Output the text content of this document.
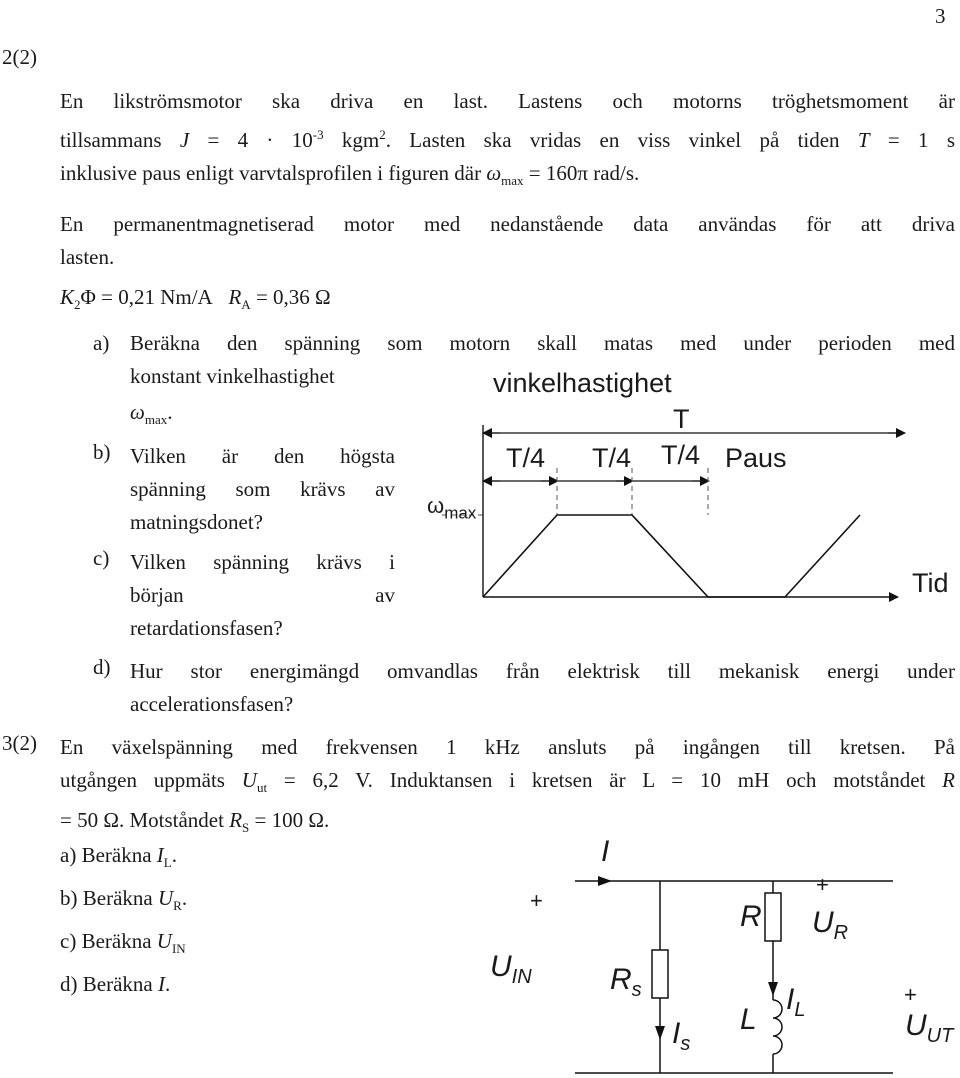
3
2(2)
En likströmsmotor ska driva en last. Lastens och motorns tröghetsmoment är
tillsammans $J = 4 \cdot 10^{-3}$ kgm$^2$. Lasten ska vridas en viss vinkel på tiden T = 1 s
inklusive paus enligt varvtalsprofilen i figuren där $\omega_{max} = 160\pi$ rad/s.
En permanentmagnetiserad motor med nedanstående data användas för att driva
lasten.
$K_2\Phi = 0,21$ Nm/A $R_A = 0,36$ Ω
a) Beräkna den spänning som motorn skall matas med under perioden med
konstant vinkelhastighet
$\omega_{max}$.
b) Vilken är den högsta
spänning som krävs av
matningsdonet?
c) Vilken spänning krävs i
början	av
retardationsfasen?
d) Hur stor energimängd omvandlas från elektrisk till mekanisk energi under
accelerationsfasen?
vinkelhastighet
T
T/4 T/4 T/4 Paus
$\omega_{max}$
Tid
3(2) En växelspänning med frekvensen 1 kHz ansluts på ingången till kretsen. På
utgången uppmäts $U_{ut} = 6,2$ V. Induktansen i kretsen är L = 10 mH och motståndet R
= 50 Ω. Motståndet $R_S = 100$ Ω.
a) Beräkna $I_L$.
b) Beräkna $U_R$.
c) Beräkna $U_{IN}$
d) Beräkna I.
I
+
$U_{IN}$	$R_s$
$I_s$
R
+
$U_R$
$I_L$
L
+
$U_{UT}$
